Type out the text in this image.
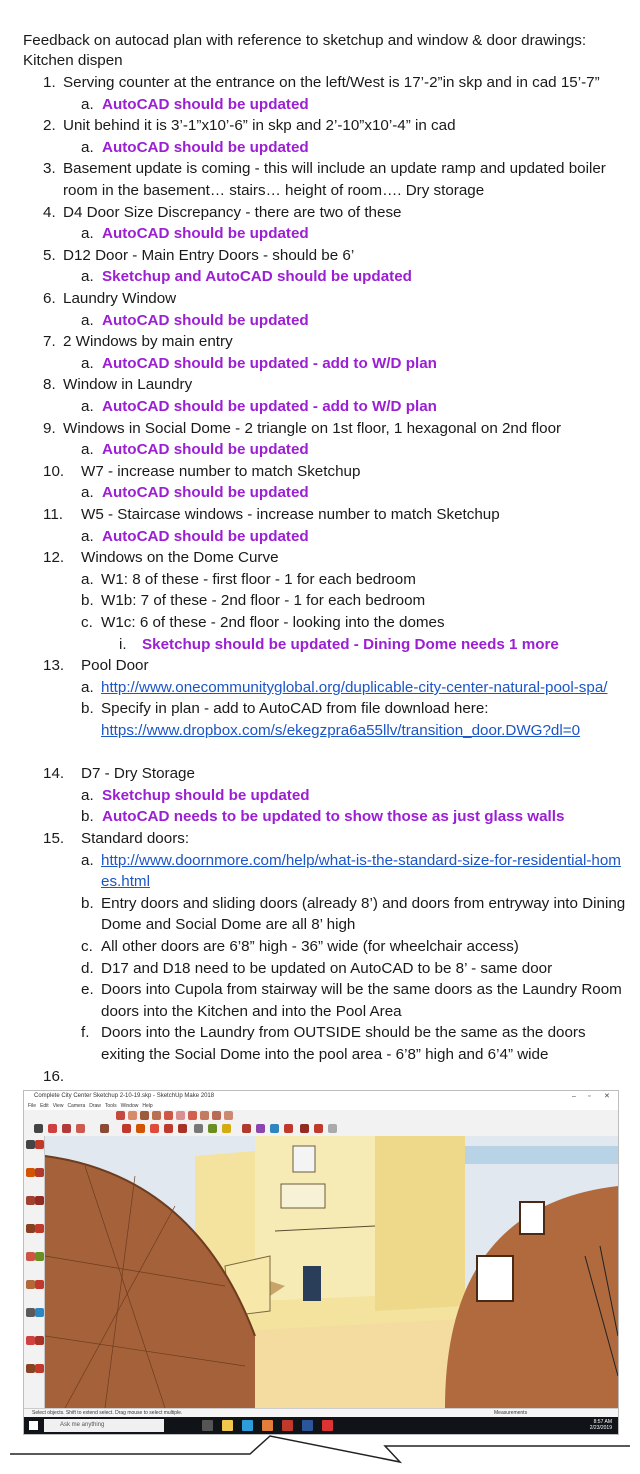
Feedback on autocad plan with reference to sketchup and window & door drawings:
Kitchen dispen
1. Serving counter at the entrance on the left/West is 17’-2”in skp and in cad 15’-7”
a. AutoCAD should be updated
2. Unit behind it is 3’-1”x10’-6” in skp and 2’-10”x10’-4” in cad
a. AutoCAD should be updated
3. Basement update is coming - this will include an update ramp and updated boiler
room in the basement… stairs… height of room…. Dry storage
4. D4 Door Size Discrepancy - there are two of these
a. AutoCAD should be updated
5. D12 Door - Main Entry Doors - should be 6’
a. Sketchup and AutoCAD should be updated
6. Laundry Window
a. AutoCAD should be updated
7. 2 Windows by main entry
a. AutoCAD should be updated - add to W/D plan
8. Window in Laundry
a. AutoCAD should be updated - add to W/D plan
9. Windows in Social Dome - 2 triangle on 1st floor, 1 hexagonal on 2nd floor
a. AutoCAD should be updated
10. W7 - increase number to match Sketchup
a. AutoCAD should be updated
11. W5 - Staircase windows - increase number to match Sketchup
a. AutoCAD should be updated
12. Windows on the Dome Curve
a. W1: 8 of these - first floor - 1 for each bedroom
b. W1b: 7 of these - 2nd floor - 1 for each bedroom
c. W1c: 6 of these - 2nd floor - looking into the domes
i. Sketchup should be updated - Dining Dome needs 1 more
13. Pool Door
a. http://www.onecommunityglobal.org/duplicable-city-center-natural-pool-spa/
b. Specify in plan - add to AutoCAD from file download here:
https://www.dropbox.com/s/ekegzpra6a55llv/transition_door.DWG?dl=0
14. D7 - Dry Storage
a. Sketchup should be updated
b. AutoCAD needs to be updated to show those as just glass walls
15. Standard doors:
a. http://www.doornmore.com/help/what-is-the-standard-size-for-residential-hom
es.html
b. Entry doors and sliding doors (already 8’) and doors from entryway into Dining
Dome and Social Dome are all 8’ high
c. All other doors are 6’8” high - 36” wide (for wheelchair access)
d. D17 and D18 need to be updated on AutoCAD to be 8’ - same door
e. Doors into Cupola from stairway will be the same doors as the Laundry Room
doors into the Kitchen and into the Pool Area
f. Doors into the Laundry from OUTSIDE should be the same as the doors
exiting the Social Dome into the pool area - 6’8” high and 6’4” wide
16.
Complete City Center Sketchup 2-10-19.skp - SketchUp Make 2018	– ▫ ✕
File Edit View Camera Draw Tools Window Help
Select objects. Shift to extend select. Drag mouse to select multiple.	Measurements
Ask me anything	8:57 AM
2/23/2019
